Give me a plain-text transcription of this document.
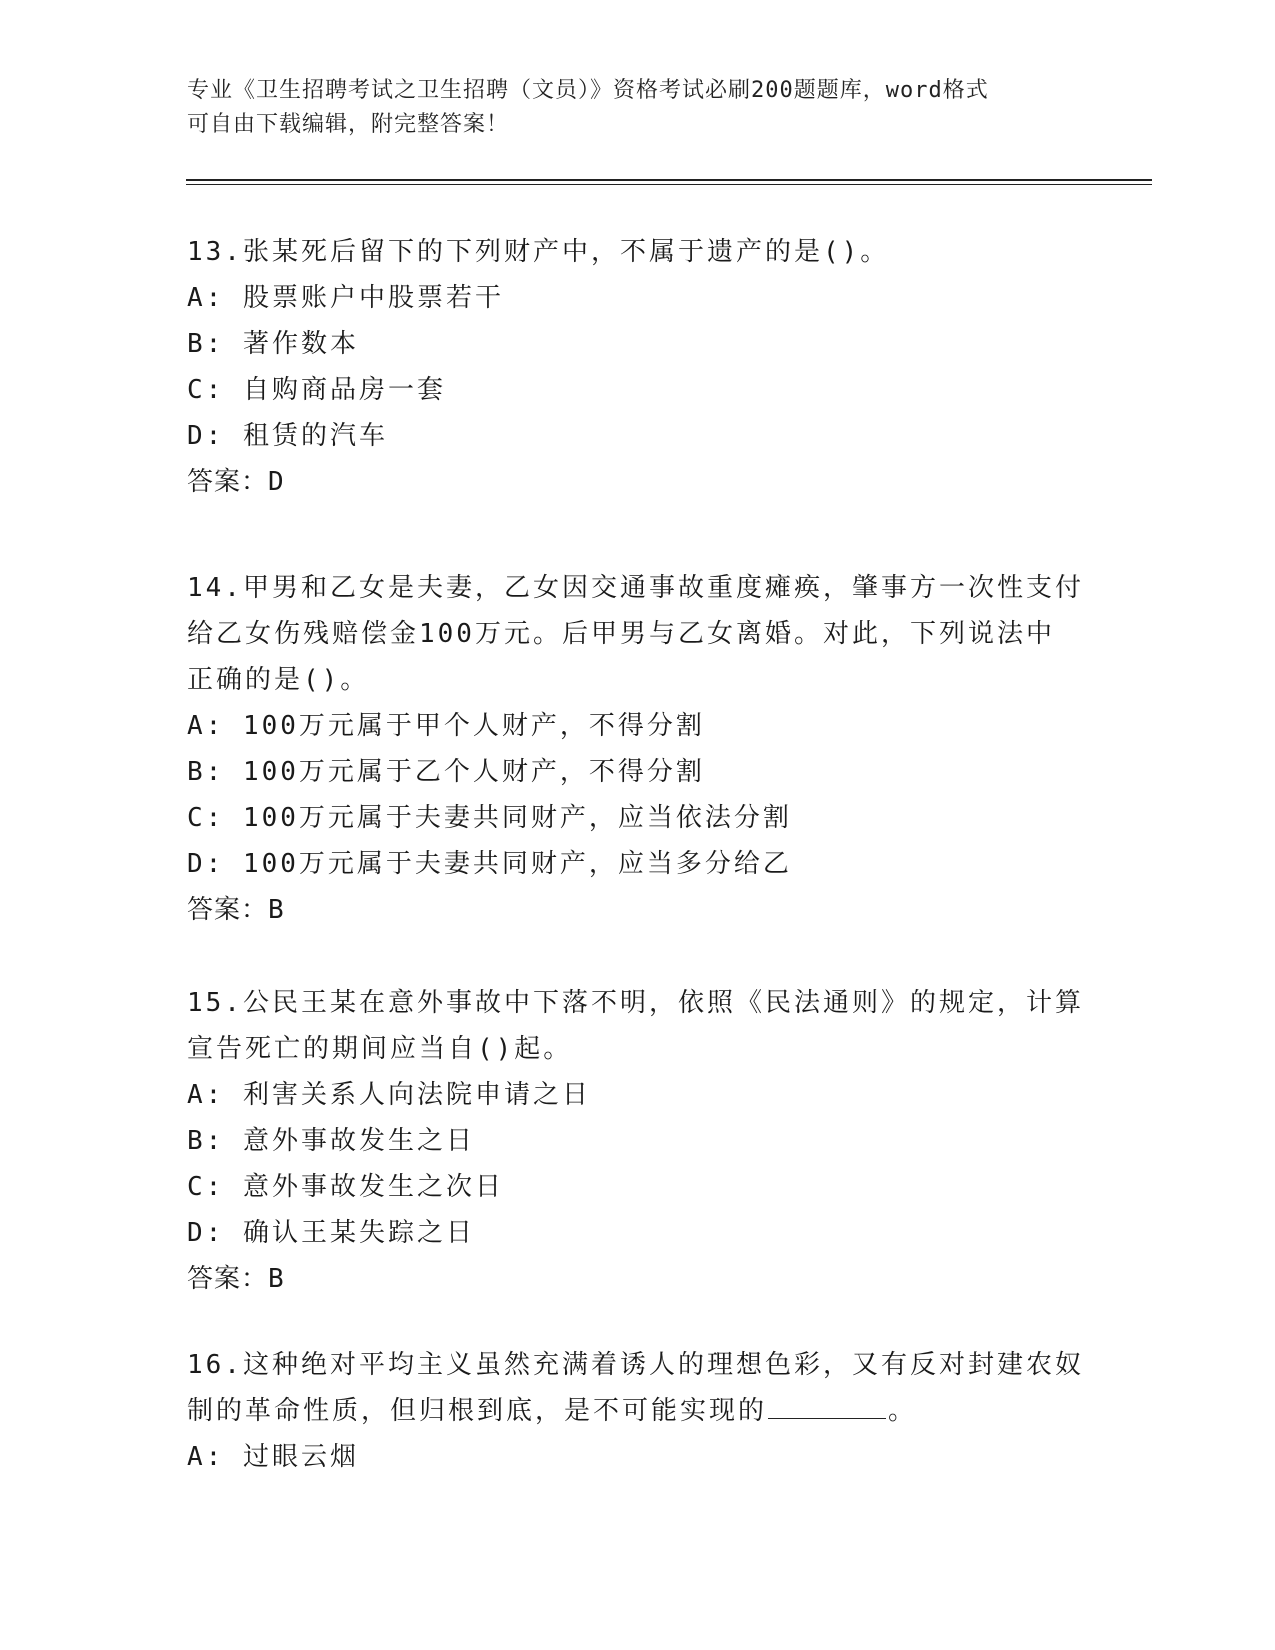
专业《卫生招聘考试之卫生招聘（文员）》资格考试必刷200题题库，word格式
可自由下载编辑，附完整答案！
13.张某死后留下的下列财产中，不属于遗产的是()。
A: 股票账户中股票若干
B: 著作数本
C: 自购商品房一套
D: 租赁的汽车
答案：D
14.甲男和乙女是夫妻，乙女因交通事故重度瘫痪，肇事方一次性支付
给乙女伤残赔偿金100万元。后甲男与乙女离婚。对此，下列说法中
正确的是()。
A: 100万元属于甲个人财产，不得分割
B: 100万元属于乙个人财产，不得分割
C: 100万元属于夫妻共同财产，应当依法分割
D: 100万元属于夫妻共同财产，应当多分给乙
答案：B
15.公民王某在意外事故中下落不明，依照《民法通则》的规定，计算
宣告死亡的期间应当自()起。
A: 利害关系人向法院申请之日
B: 意外事故发生之日
C: 意外事故发生之次日
D: 确认王某失踪之日
答案：B
16.这种绝对平均主义虽然充满着诱人的理想色彩，又有反对封建农奴
制的革命性质，但归根到底，是不可能实现的	。
A: 过眼云烟
